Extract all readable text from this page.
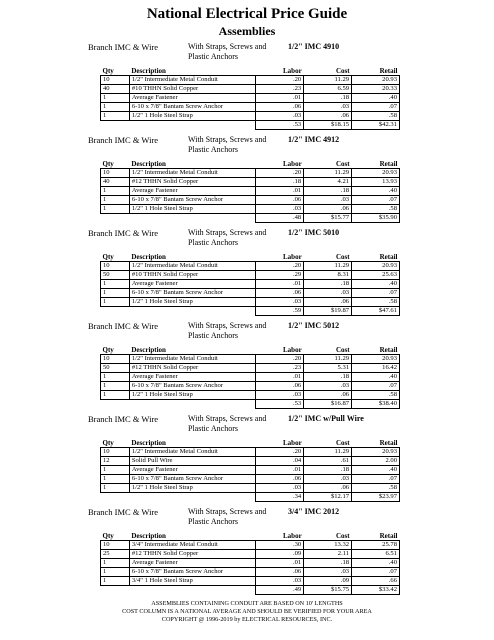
National Electrical Price Guide
Assemblies
Branch IMC & Wire	With Straps, Screws and Plastic Anchors
1/2" IMC 4910
Qty	Description	Labor	Cost	Retail
10	1/2" Intermediate Metal Conduit	.20	11.29	20.93
40	#10 THHN Solid Copper	.23	6.59	20.33
1	Average Fastener	.01	.18	.40
1	6-10 x 7/8" Bantam Screw Anchor	.06	.03	.07
1	1/2" 1 Hole Steel Strap	.03	.06	.58
		.53	$18.15	$42.31
Branch IMC & Wire	With Straps, Screws and Plastic Anchors
1/2" IMC 4912
Qty	Description	Labor	Cost	Retail
10	1/2" Intermediate Metal Conduit	.20	11.29	20.93
40	#12 THHN Solid Copper	.18	4.21	13.93
1	Average Fastener	.01	.18	.40
1	6-10 x 7/8" Bantam Screw Anchor	.06	.03	.07
1	1/2" 1 Hole Steel Strap	.03	.06	.58
		.48	$15.77	$35.90
Branch IMC & Wire	With Straps, Screws and Plastic Anchors
1/2" IMC 5010
Qty	Description	Labor	Cost	Retail
10	1/2" Intermediate Metal Conduit	.20	11.29	20.93
50	#10 THHN Solid Copper	.29	8.31	25.63
1	Average Fastener	.01	.18	.40
1	6-10 x 7/8" Bantam Screw Anchor	.06	.03	.07
1	1/2" 1 Hole Steel Strap	.03	.06	.58
		.59	$19.87	$47.61
Branch IMC & Wire	With Straps, Screws and Plastic Anchors
1/2" IMC 5012
Qty	Description	Labor	Cost	Retail
10	1/2" Intermediate Metal Conduit	.20	11.29	20.93
50	#12 THHN Solid Copper	.23	5.31	16.42
1	Average Fastener	.01	.18	.40
1	6-10 x 7/8" Bantam Screw Anchor	.06	.03	.07
1	1/2" 1 Hole Steel Strap	.03	.06	.58
		.53	$16.87	$38.40
Branch IMC & Wire	With Straps, Screws and Plastic Anchors
1/2" IMC w/Pull Wire
Qty	Description	Labor	Cost	Retail
10	1/2" Intermediate Metal Conduit	.20	11.29	20.93
12	Solid Pull Wire	.04	.61	2.00
1	Average Fastener	.01	.18	.40
1	6-10 x 7/8" Bantam Screw Anchor	.06	.03	.07
1	1/2" 1 Hole Steel Strap	.03	.06	.58
		.34	$12.17	$23.97
Branch IMC & Wire	With Straps, Screws and Plastic Anchors
3/4" IMC 2012
Qty	Description	Labor	Cost	Retail
10	3/4" Intermediate Metal Conduit	.30	13.32	25.78
25	#12 THHN Solid Copper	.09	2.11	6.51
1	Average Fastener	.01	.18	.40
1	6-10 x 7/8" Bantam Screw Anchor	.06	.03	.07
1	3/4" 1 Hole Steel Strap	.03	.09	.66
		.49	$15.75	$33.42
ASSEMBLIES CONTAINING CONDUIT ARE BASED ON 10' LENGTHS
COST COLUMN IS A NATIONAL AVERAGE AND SHOULD BE VERIFIED FOR YOUR AREA
COPYRIGHT @ 1996-2019 by ELECTRICAL RESOURCES, INC.
